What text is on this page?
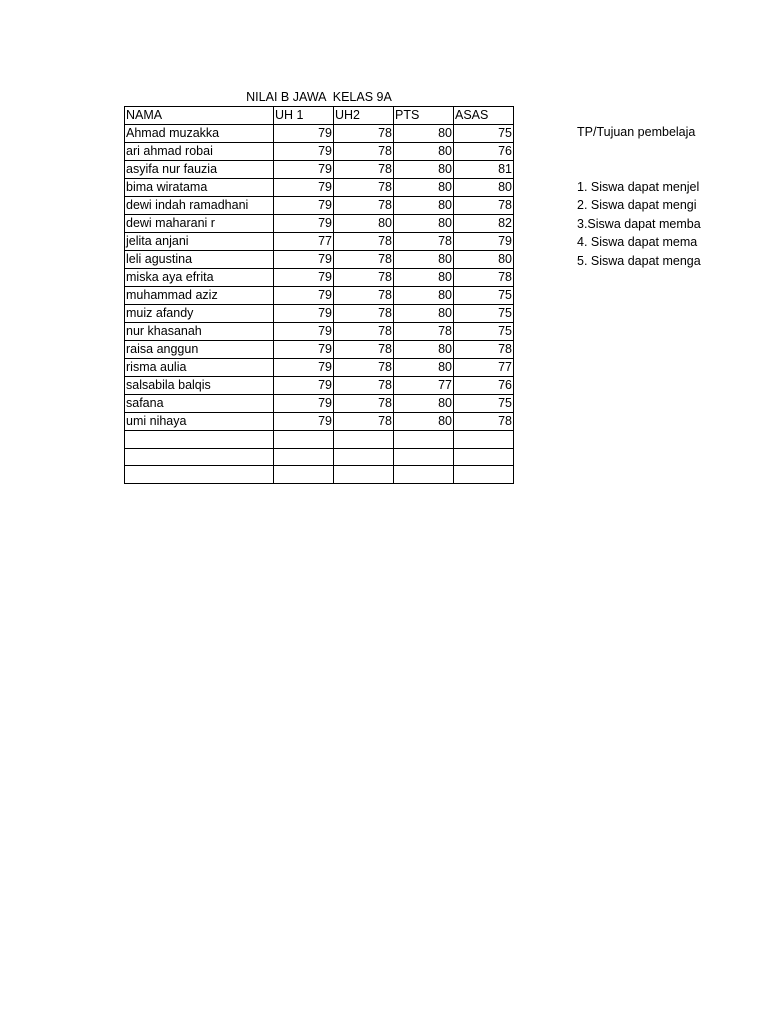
NILAI B JAWA  KELAS 9A
NAMA	UH 1	UH2	PTS	ASAS
Ahmad muzakka	79	78	80	75
ari ahmad robai	79	78	80	76
asyifa nur fauzia	79	78	80	81
bima wiratama	79	78	80	80
dewi indah ramadhani	79	78	80	78
dewi maharani r	79	80	80	82
jelita anjani	77	78	78	79
leli agustina	79	78	80	80
miska aya efrita	79	78	80	78
muhammad aziz	79	78	80	75
muiz afandy	79	78	80	75
nur khasanah	79	78	78	75
raisa anggun	79	78	80	78
risma aulia	79	78	80	77
salsabila balqis	79	78	77	76
safana	79	78	80	75
umi nihaya	79	78	80	78

TP/Tujuan pembelaja
1. Siswa dapat menjel
2. Siswa dapat mengi
3.Siswa dapat memba
4. Siswa dapat mema
5. Siswa dapat menga
